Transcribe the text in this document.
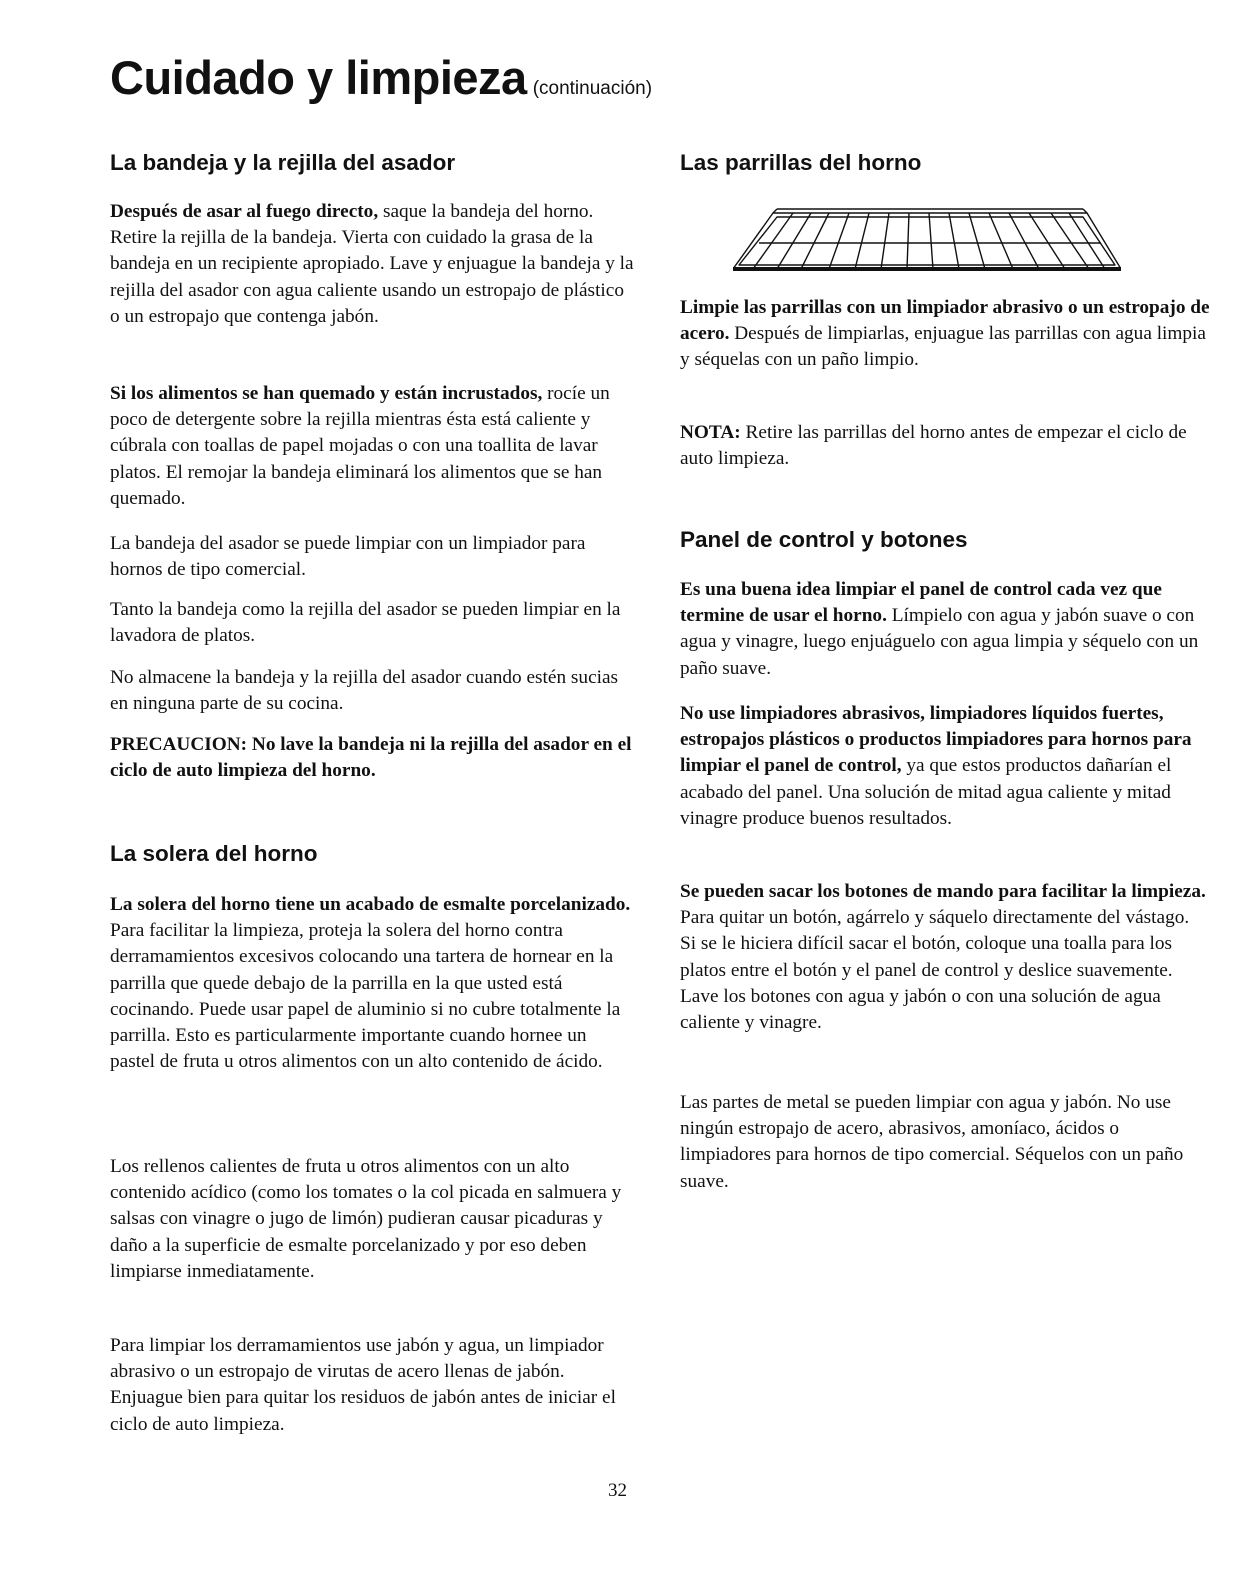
Cuidado y limpieza (continuación)
La bandeja y la rejilla del asador

Después de asar al fuego directo, saque la bandeja del horno. Retire la rejilla de la bandeja. Vierta con cuidado la grasa de la bandeja en un recipiente apropiado. Lave y enjuague la bandeja y la rejilla del asador con agua caliente usando un estropajo de plástico o un estropajo que contenga jabón.

Si los alimentos se han quemado y están incrustados, rocíe un poco de detergente sobre la rejilla mientras ésta está caliente y cúbrala con toallas de papel mojadas o con una toallita de lavar platos. El remojar la bandeja eliminará los alimentos que se han quemado.

La bandeja del asador se puede limpiar con un limpiador para hornos de tipo comercial.

Tanto la bandeja como la rejilla del asador se pueden limpiar en la lavadora de platos.

No almacene la bandeja y la rejilla del asador cuando estén sucias en ninguna parte de su cocina.

PRECAUCION: No lave la bandeja ni la rejilla del asador en el ciclo de auto limpieza del horno.

La solera del horno

La solera del horno tiene un acabado de esmalte porcelanizado. Para facilitar la limpieza, proteja la solera del horno contra derramamientos excesivos colocando una tartera de hornear en la parrilla que quede debajo de la parrilla en la que usted está cocinando. Puede usar papel de aluminio si no cubre totalmente la parrilla. Esto es particularmente importante cuando hornee un pastel de fruta u otros alimentos con un alto contenido de ácido.

Los rellenos calientes de fruta u otros alimentos con un alto contenido acídico (como los tomates o la col picada en salmuera y salsas con vinagre o jugo de limón) pudieran causar picaduras y daño a la superficie de esmalte porcelanizado y por eso deben limpiarse inmediatamente.

Para limpiar los derramamientos use jabón y agua, un limpiador abrasivo o un estropajo de virutas de acero llenas de jabón. Enjuague bien para quitar los residuos de jabón antes de iniciar el ciclo de auto limpieza.

Las parrillas del horno

Limpie las parrillas con un limpiador abrasivo o un estropajo de acero. Después de limpiarlas, enjuague las parrillas con agua limpia y séquelas con un paño limpio.

NOTA: Retire las parrillas del horno antes de empezar el ciclo de auto limpieza.

Panel de control y botones

Es una buena idea limpiar el panel de control cada vez que termine de usar el horno. Límpielo con agua y jabón suave o con agua y vinagre, luego enjuáguelo con agua limpia y séquelo con un paño suave.

No use limpiadores abrasivos, limpiadores líquidos fuertes, estropajos plásticos o productos limpiadores para hornos para limpiar el panel de control, ya que estos productos dañarían el acabado del panel. Una solución de mitad agua caliente y mitad vinagre produce buenos resultados.

Se pueden sacar los botones de mando para facilitar la limpieza. Para quitar un botón, agárrelo y sáquelo directamente del vástago. Si se le hiciera difícil sacar el botón, coloque una toalla para los platos entre el botón y el panel de control y deslice suavemente. Lave los botones con agua y jabón o con una solución de agua caliente y vinagre.

Las partes de metal se pueden limpiar con agua y jabón. No use ningún estropajo de acero, abrasivos, amoníaco, ácidos o limpiadores para hornos de tipo comercial. Séquelos con un paño suave.

32
